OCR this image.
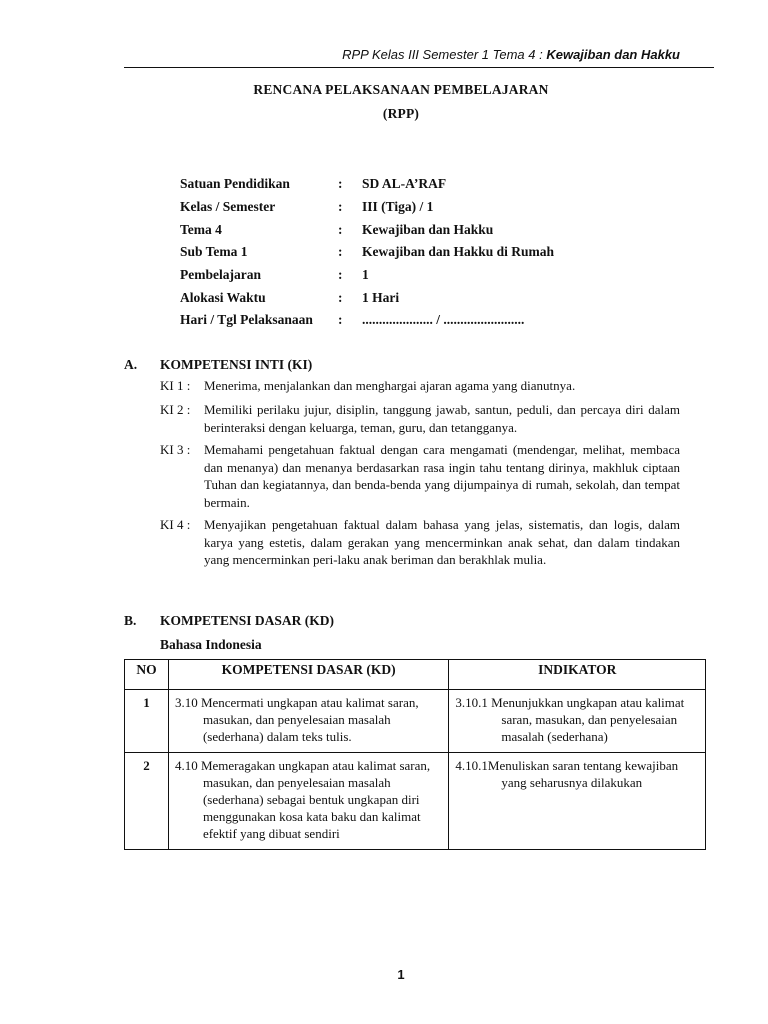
RPP Kelas III Semester 1 Tema 4 : Kewajiban dan Hakku
RENCANA PELAKSANAAN PEMBELAJARAN
(RPP)
Satuan Pendidikan	:	SD AL-A’RAF
Kelas / Semester	:	III (Tiga) / 1
Tema 4	:	Kewajiban dan Hakku
Sub Tema 1	:	Kewajiban dan Hakku di Rumah
Pembelajaran	:	1
Alokasi Waktu	:	1 Hari
Hari / Tgl Pelaksanaan	:	..................... / ........................
A. KOMPETENSI INTI (KI)
KI 1 :	Menerima, menjalankan dan menghargai ajaran agama yang dianutnya.
KI 2 :	Memiliki perilaku jujur, disiplin, tanggung jawab, santun, peduli, dan percaya diri dalam berinteraksi dengan keluarga, teman, guru, dan tetangganya.
KI 3 :	Memahami pengetahuan faktual dengan cara mengamati (mendengar, melihat, membaca dan menanya) dan menanya berdasarkan rasa ingin tahu tentang dirinya, makhluk ciptaan Tuhan dan kegiatannya, dan benda-benda yang dijumpainya di rumah, sekolah, dan tempat bermain.
KI 4 :	Menyajikan pengetahuan faktual dalam bahasa yang jelas, sistematis, dan logis, dalam karya yang estetis, dalam gerakan yang mencerminkan anak sehat, dan dalam tindakan yang mencerminkan peri-laku anak beriman dan berakhlak mulia.
B. KOMPETENSI DASAR (KD)
Bahasa Indonesia
NO	KOMPETENSI DASAR (KD)	INDIKATOR
1	3.10 Mencermati ungkapan atau kalimat saran, masukan, dan penyelesaian masalah (sederhana) dalam teks tulis.	3.10.1 Menunjukkan ungkapan atau kalimat saran, masukan, dan penyelesaian masalah (sederhana)

2	4.10 Memeragakan ungkapan atau kalimat saran, masukan, dan penyelesaian masalah (sederhana) sebagai bentuk ungkapan diri menggunakan kosa kata baku dan kalimat efektif yang dibuat sendiri	4.10.1Menuliskan saran tentang kewajiban yang seharusnya dilakukan
1
